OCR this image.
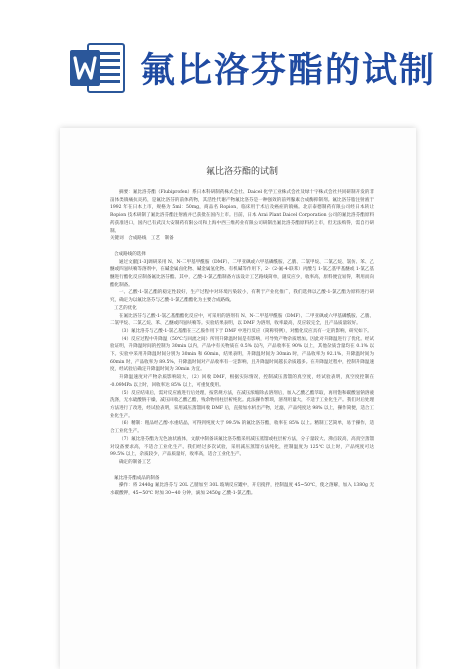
氟比洛芬酯的试制
氟比洛芬酯的试制

摘要：氟比洛芬酯（Flubiprofen）系日本科研制药株式会社、Daicel 化学工业株式会社及绿十字株式会社共同研制开发的非甾体类镇痛抗炎药，是氟比洛芬的前体药物，其活性代谢产物氟比洛芬是一种强效的前列腺素合成酶抑制剂。氟比洛芬脂注射液于 1992 年在日本上市，规格为 5ml：50mg，商品名 Ropion，临床用于术后及癌症的镇痛。北京泰德制药有限公司经日本转让 Ropion 技术研制了氟比洛芬酯注射液并已获批在国内上市。目前，日本 Arai Plant Daicel Corporation 公司的氟比洛芬酯原料药获准进口，国内已有武汉大安制药有限公司和上海中西三维药业有限公司研制出氟比洛芬酯原料药上市，但无法购得，需自行研制。

关键词　合成路线　工艺　制备

合成路线的选择

通过文献[1-3]调研采用 N、N-二甲基甲酰胺（DMF）、二甲亚砜或六甲基磷酰胺、乙腈、二氯甲烷、二氯乙烷、氯仿、苯、乙醚或四氢呋喃等溶剂中，在碱金属卤化物、碱金属氢化物、有机碱等作用下，2-（2-氟-4-联苯）丙酸与 1-氯乙基甲基醚或 1-氯乙基醚进行酯化反应制备氟比洛芬酯。其中，乙酸-1-氯乙酯制备方法设计工艺路线简单，副反应少，收率高，原料便宜易得，利用而向酯化制备。

一、乙酸-1-氯乙酯的稳定性较好，生产过程中对环境污染较小，有利于产业化推广，我们选择以乙酸-1-氯乙酯为原料进行研究，确定为以氟比洛芬与乙酸-1-氯乙酯酯化为主要合成路线。

工艺的优化

在氟比洛芬与乙酸-1-氯乙基酯酯化反应中，可采用的溶剂有 N、N-二甲基甲酰胺（DMF）、二甲亚砜或六甲基磷酰胺、乙腈、二氯甲烷、二氯乙烷、苯、乙醚或四氢呋喃等。实验结果表明，以 DMF 为溶剂，收率最高，反应较完全，且产品质量较好。

（3）氟比洛芬与乙酸-1-氯乙基酯在三乙胺作用下于 DMF 中进行反应（简称特例），对酯化反应具有一定的影响，研究如下。

（4）反应过程中升降温（50℃与回流之间）所用升降温时间是有影响，可导致产物杂质增加。因此对升降温进行了优化。经试验证明，升降温时间的控制为 30min 以内，产品中有关物质在 0.5% 以内，产品收率在 90% 以上，其他杂质含量均在 0.1% 以下。实验中采用升降温时间分别为 30min 和 60min，结果表明，升降温时间为 30min 时，产品收率为 92.1%，升降温时间为 60min 时，产品收率为 89.5%，升降温时间对产品收率有一定影响，且升降温时间越长杂质越多。在升降温过程中，控制升降温速度，经试验后确定升降温时间为 30min 为宜。

升降温速度对产物杂质影响较大，（2）回收 DMF，根据实际情况，控制减压蒸馏的真空度，经试验表明，真空度控制在 -0.09MPa 以上时，回收率达 85% 以上，可重复使用。

（5）反应结束后，需对反应液进行后处理，按常规方法，在减压浓缩除去溶剂后，加入乙酸乙酯萃取，再用饱和碳酸氢钠溶液洗涤，无水硫酸钠干燥，减压回收乙酸乙酯，残余物用柱层析纯化。此法操作繁琐，溶剂用量大，不适于工业化生产。我们对后处理方法进行了改进，经试验表明，采用减压蒸馏回收 DMF 后，直接加水析出产物，过滤，产品纯度达 98% 以上，操作简便，适合工业化生产。

（6）精制：粗品经乙醇-水重结晶，可得到纯度大于 99.5% 的氟比洛芬酯，收率在 85% 以上。精制工艺简单，易于操作，适合工业化生产。

（7）氟比洛芬酯为无色油状液体，文献中制备该氟比洛芬酯采用减压蒸馏或柱层析方法，分子量较大、沸点较高，高真空蒸馏对设备要求高，不适合工业化生产。我们经过多次试验，采用减压蒸馏方法纯化，控制温度为 125℃ 以上时，产品纯度可达 99.5% 以上，杂质较少，产品质量好，收率高，适合工业化生产。

确定的制备工艺

氟比洛芬酯成品的制备

操作：将 2440g 氟比洛芬与 20L 乙腈加至 30L 玻璃反应罐中，开启搅拌，控制温度 45~50℃，使之溶解，加入 1380g 无水碳酸钾，45~50℃ 时加 30~40 分钟，滴加 2450g 乙酸-1-氯乙酯。
